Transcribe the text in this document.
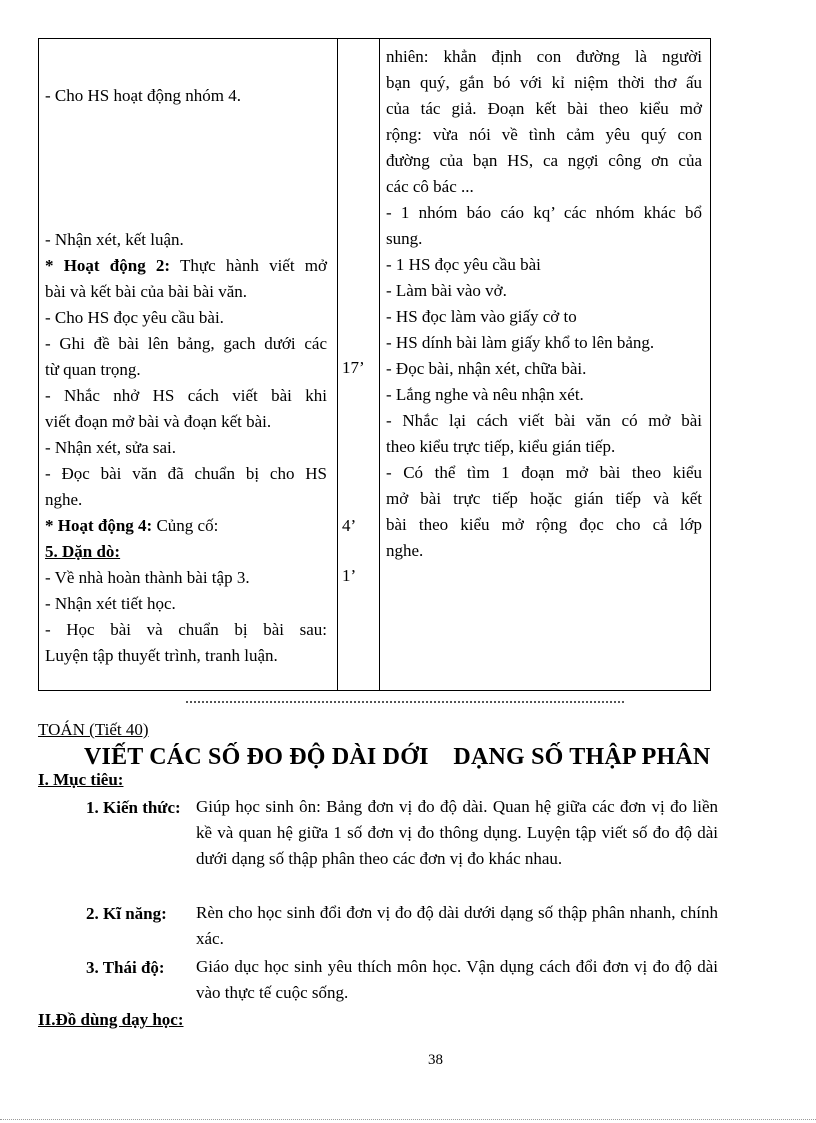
- Cho HS hoạt động nhóm 4.
- Nhận xét, kết luận.
* Hoạt động 2: Thực hành viết mở
bài và kết bài của bài bài văn.
- Cho HS đọc yêu cầu bài.
- Ghi đề bài lên bảng, gach dưới các
từ quan trọng.
- Nhắc nhở HS cách viết bài khi
viết đoạn mở bài và đoạn kết bài.
- Nhận xét, sửa sai.
- Đọc bài văn đã chuẩn bị cho HS
nghe.
* Hoạt động 4: Củng cố:
5. Dặn dò:
- Về nhà hoàn thành bài tập 3.
- Nhận xét tiết học.
- Học bài và chuẩn bị bài sau:
Luyện tập thuyết trình, tranh luận.
17’
4’
1’
nhiên: khẳn định con đường là người
bạn quý, gắn bó với kỉ niệm thời thơ ấu
của tác giả. Đoạn kết bài theo kiểu mở
rộng: vừa nói về tình cảm yêu quý con
đường của bạn HS, ca ngợi công ơn của
các cô bác ...
- 1 nhóm báo cáo kq’ các nhóm khác bổ
sung.
- 1 HS đọc yêu cầu bài
- Làm bài vào vở.
- HS đọc làm vào giấy cở to
- HS dính bài làm giấy khổ to lên bảng.
- Đọc bài, nhận xét, chữa bài.
- Lắng nghe và nêu nhận xét.
- Nhắc lại cách viết bài văn có mở bài
theo kiểu trực tiếp, kiểu gián tiếp.
- Có thể tìm 1 đoạn mở bài theo kiểu
mở bài trực tiếp hoặc gián tiếp và kết
bài theo kiểu mở rộng đọc cho cả lớp
nghe.
TOÁN (Tiết 40)
VIẾT CÁC SỐ ĐO ĐỘ DÀI DỚI    DẠNG SỐ THẬP PHÂN
I. Mục tiêu:
1. Kiến thức: Giúp học sinh ôn: Bảng đơn vị đo độ dài. Quan hệ giữa các đơn vị đo liền kề và quan hệ giữa 1 số đơn vị đo thông dụng. Luyện tập viết số đo độ dài dưới dạng số thập phân theo các đơn vị đo khác nhau.
2. Kĩ năng: Rèn cho học sinh đổi đơn vị đo độ dài dưới dạng số thập phân nhanh, chính xác.
3. Thái độ: Giáo dục học sinh yêu thích môn học. Vận dụng cách đổi đơn vị đo độ dài vào thực tế cuộc sống.
II.Đồ dùng dạy học:
38
